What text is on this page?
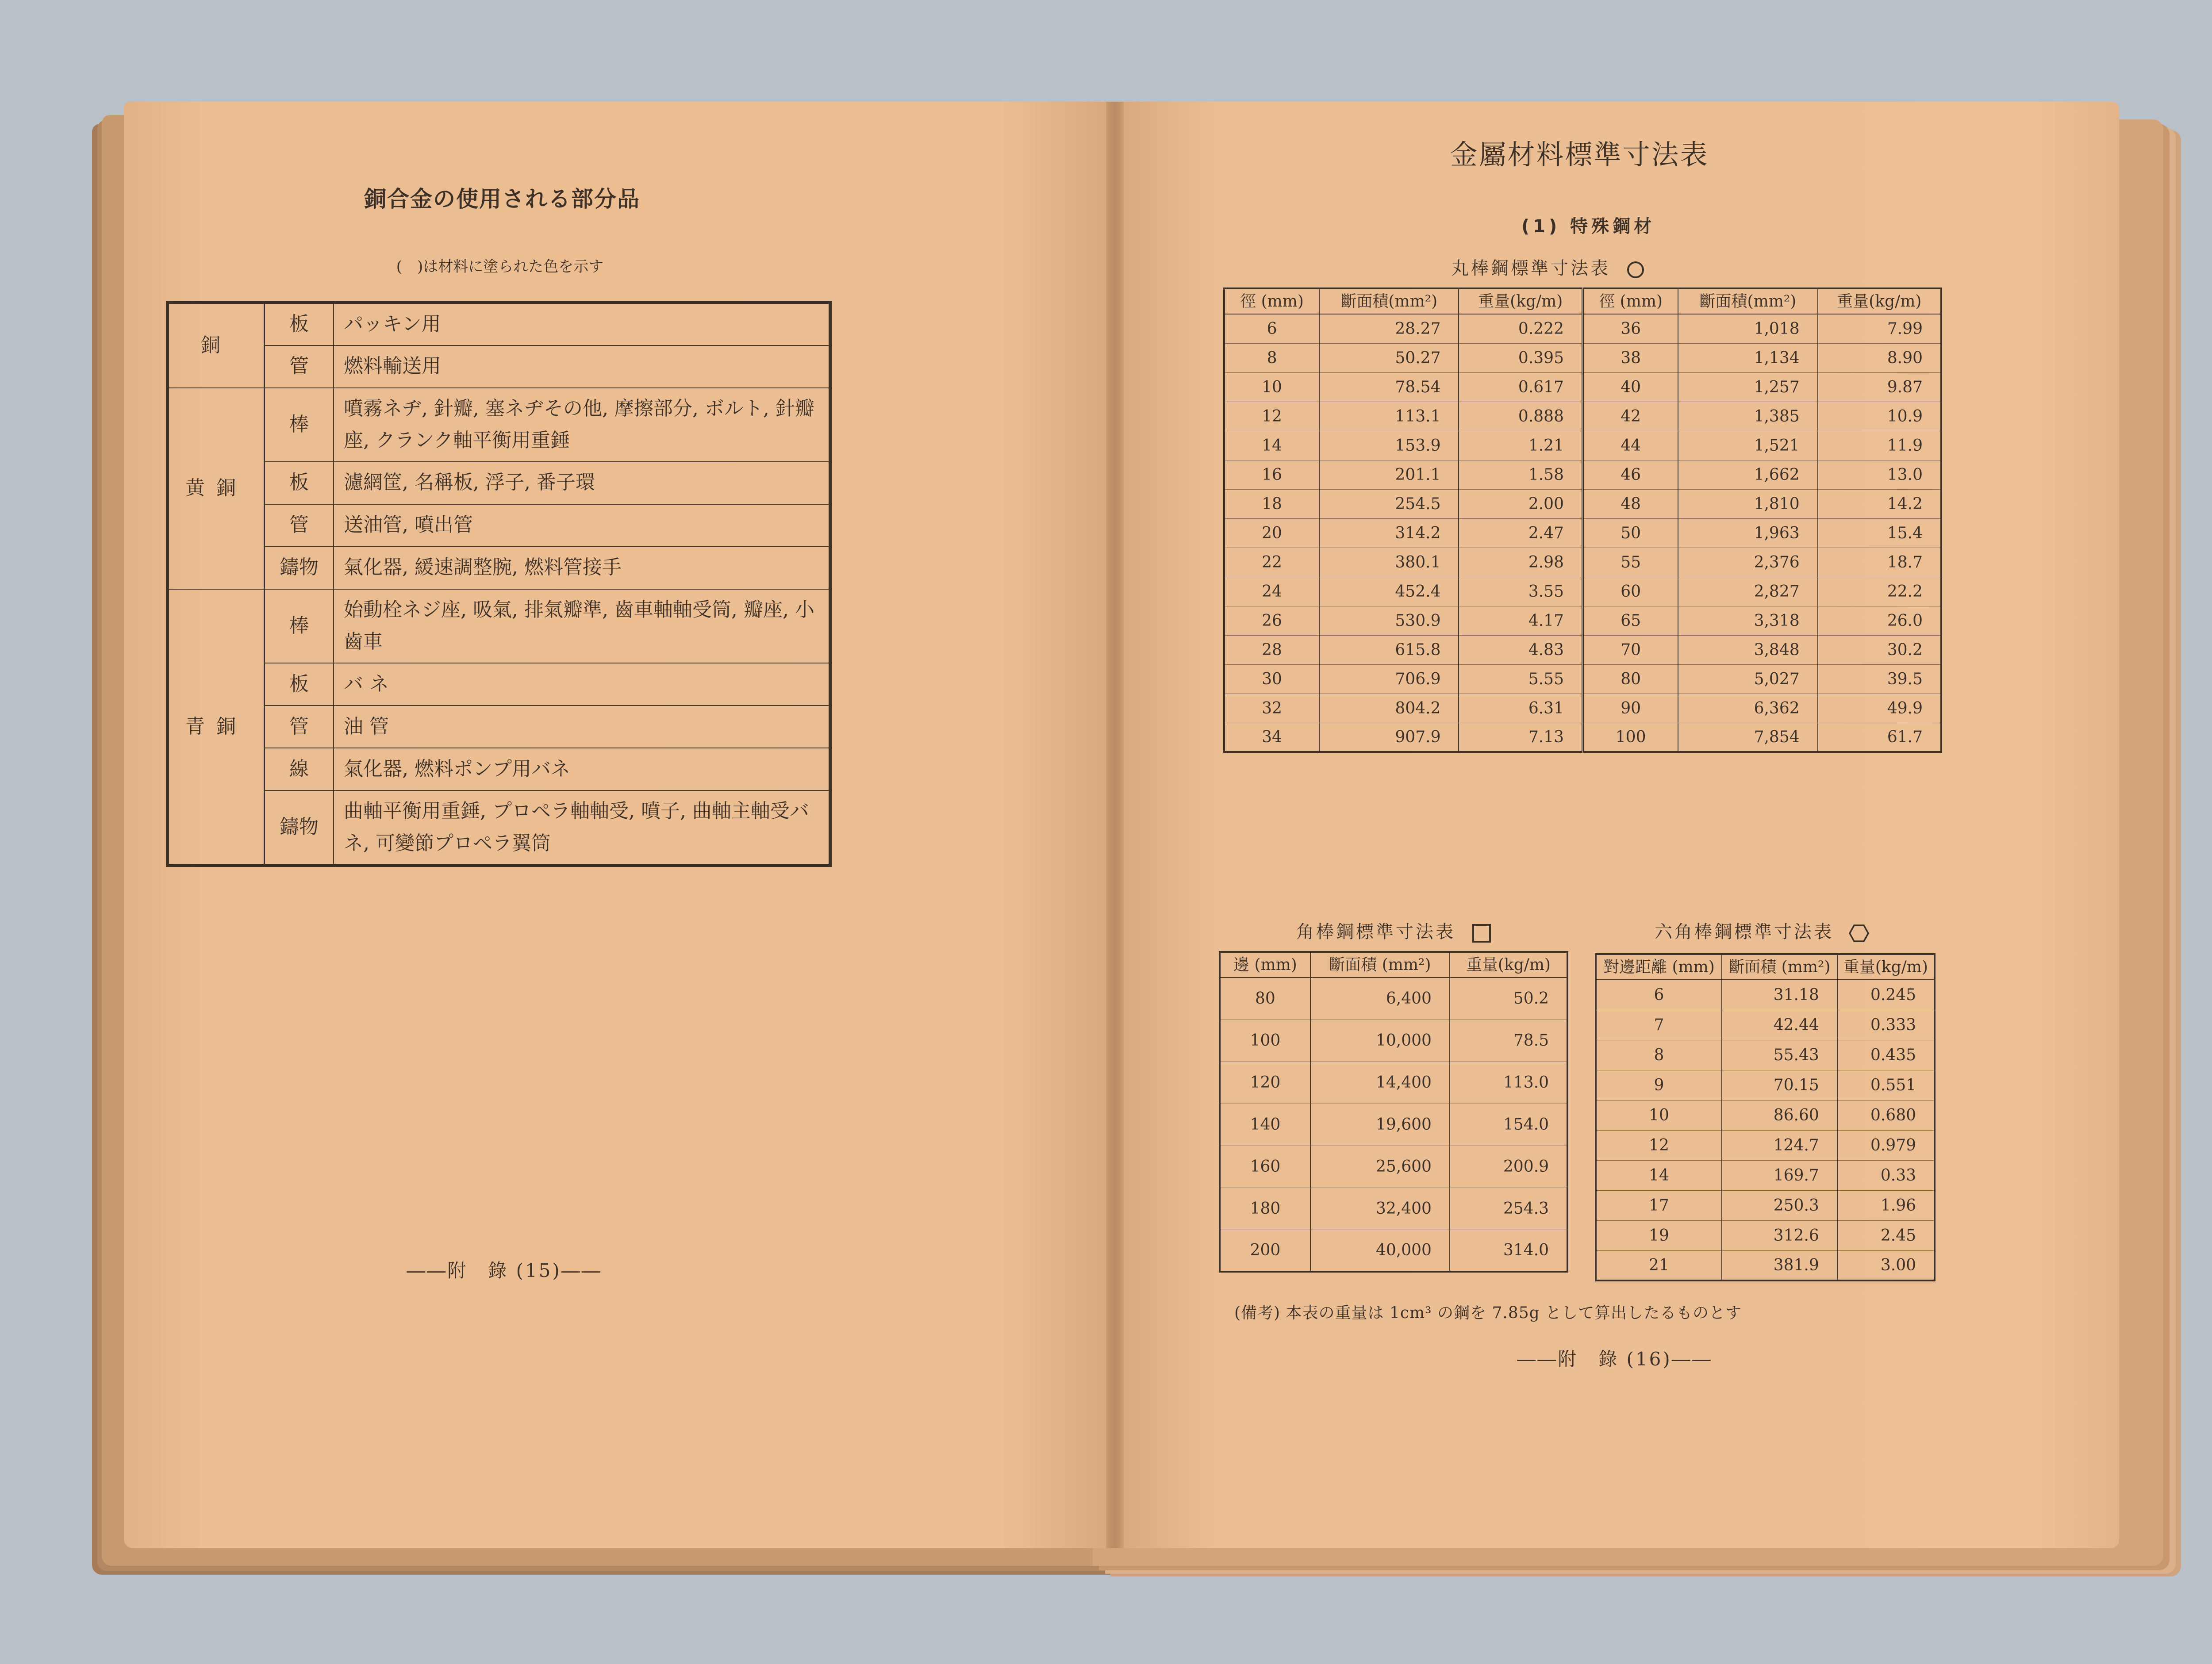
銅合金の使用される部分品
(　)は材料に塗られた色を示す
銅	板	パッキン用
	管	燃料輸送用
黄銅	棒	噴霧ネヂ, 針瓣, 塞ネヂその他, 摩擦部分, ボルト, 針瓣座, クランク軸平衡用重錘
	板	濾網筐, 名稱板, 浮子, 番子環
	管	送油管, 噴出管
	鑄物	氣化器, 緩速調整腕, 燃料管接手
青銅	棒	始動栓ネジ座, 吸氣, 排氣瓣準, 齒車軸軸受筒, 瓣座, 小齒車
	板	バ ネ
	管	油 管
	線	氣化器, 燃料ポンプ用バネ
	鑄物	曲軸平衡用重錘, プロペラ軸軸受, 噴子, 曲軸主軸受バネ, 可變節プロペラ翼筒
――附　錄 (15)――
金屬材料標準寸法表
(1) 特殊鋼材
丸棒鋼標準寸法表
徑 (mm)	斷面積(mm²)	重量(kg/m)	徑 (mm)	斷面積(mm²)	重量(kg/m)
6	28.27	0.222	36	1,018	7.99
8	50.27	0.395	38	1,134	8.90
10	78.54	0.617	40	1,257	9.87
12	113.1	0.888	42	1,385	10.9
14	153.9	1.21	44	1,521	11.9
16	201.1	1.58	46	1,662	13.0
18	254.5	2.00	48	1,810	14.2
20	314.2	2.47	50	1,963	15.4
22	380.1	2.98	55	2,376	18.7
24	452.4	3.55	60	2,827	22.2
26	530.9	4.17	65	3,318	26.0
28	615.8	4.83	70	3,848	30.2
30	706.9	5.55	80	5,027	39.5
32	804.2	6.31	90	6,362	49.9
34	907.9	7.13	100	7,854	61.7
角棒鋼標準寸法表
邊 (mm)	斷面積 (mm²)	重量(kg/m)
80	6,400	50.2
100	10,000	78.5
120	14,400	113.0
140	19,600	154.0
160	25,600	200.9
180	32,400	254.3
200	40,000	314.0
六角棒鋼標準寸法表
對邊距離 (mm)	斷面積 (mm²)	重量(kg/m)
6	31.18	0.245
7	42.44	0.333
8	55.43	0.435
9	70.15	0.551
10	86.60	0.680
12	124.7	0.979
14	169.7	0.33
17	250.3	1.96
19	312.6	2.45
21	381.9	3.00
(備考) 本表の重量は 1cm³ の鋼を 7.85g として算出したるものとす
――附　錄 (16)――
